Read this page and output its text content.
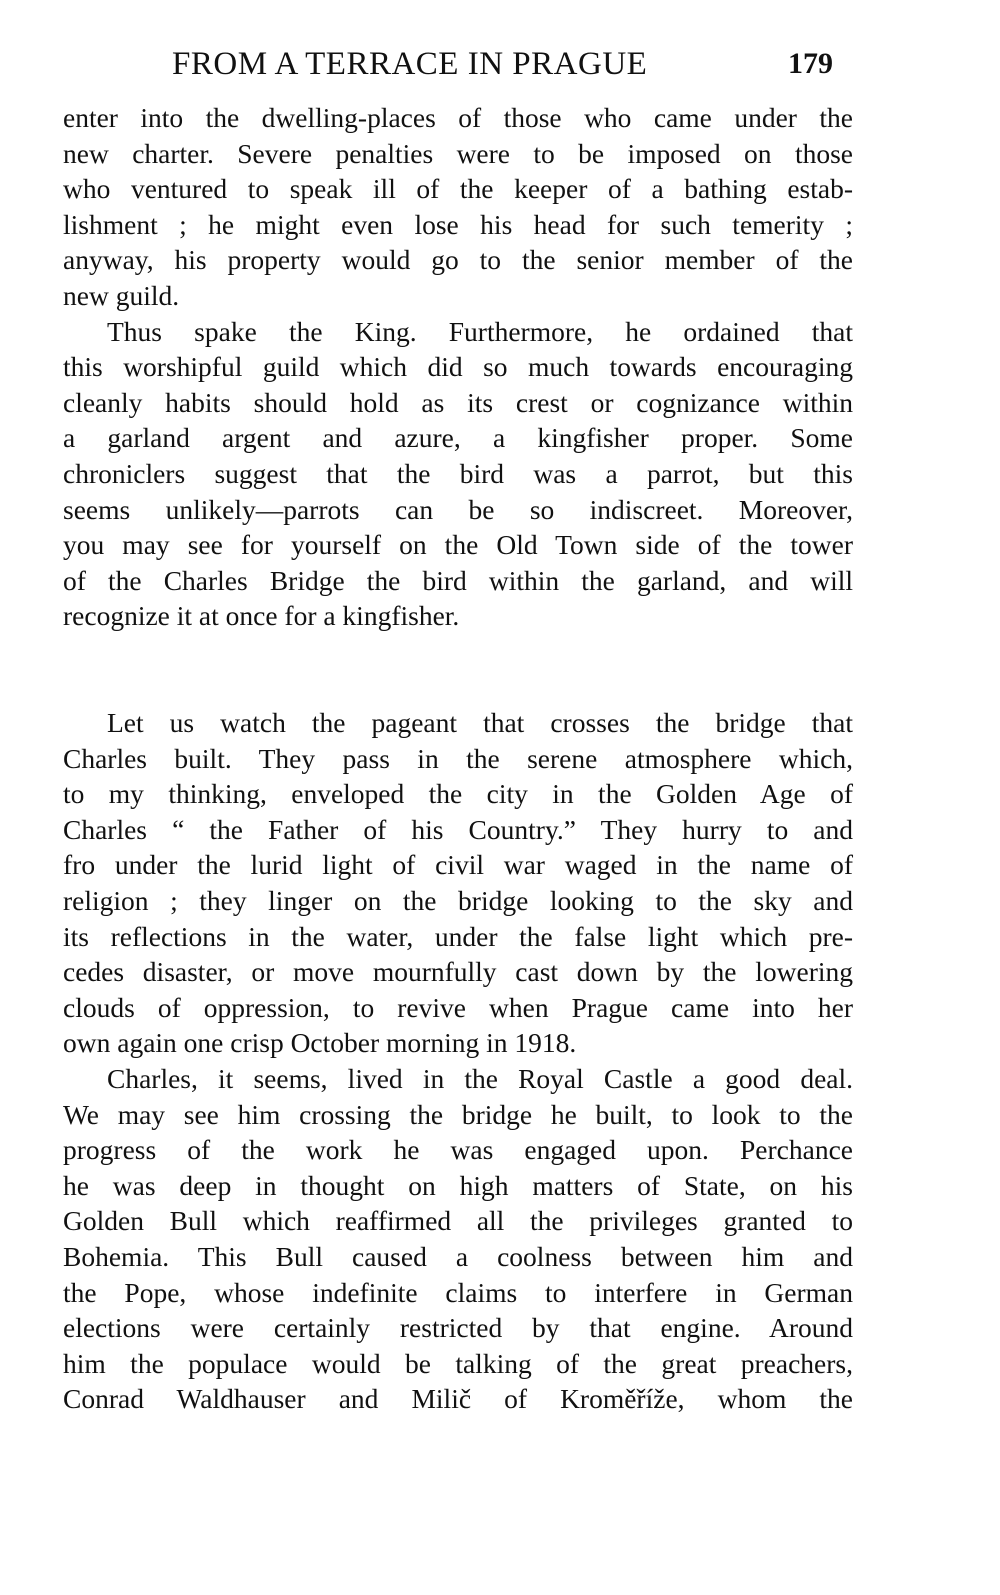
FROM A TERRACE IN PRAGUE	179
enter into the dwelling-places of those who came under the
new charter. Severe penalties were to be imposed on those
who ventured to speak ill of the keeper of a bathing estab-
lishment ; he might even lose his head for such temerity ;
anyway, his property would go to the senior member of the
new guild.
Thus spake the King. Furthermore, he ordained that
this worshipful guild which did so much towards encouraging
cleanly habits should hold as its crest or cognizance within
a garland argent and azure, a kingfisher proper. Some
chroniclers suggest that the bird was a parrot, but this
seems unlikely—parrots can be so indiscreet. Moreover,
you may see for yourself on the Old Town side of the tower
of the Charles Bridge the bird within the garland, and will
recognize it at once for a kingfisher.
Let us watch the pageant that crosses the bridge that
Charles built. They pass in the serene atmosphere which,
to my thinking, enveloped the city in the Golden Age of
Charles “ the Father of his Country.” They hurry to and
fro under the lurid light of civil war waged in the name of
religion ; they linger on the bridge looking to the sky and
its reflections in the water, under the false light which pre-
cedes disaster, or move mournfully cast down by the lowering
clouds of oppression, to revive when Prague came into her
own again one crisp October morning in 1918.
Charles, it seems, lived in the Royal Castle a good deal.
We may see him crossing the bridge he built, to look to the
progress of the work he was engaged upon. Perchance
he was deep in thought on high matters of State, on his
Golden Bull which reaffirmed all the privileges granted to
Bohemia. This Bull caused a coolness between him and
the Pope, whose indefinite claims to interfere in German
elections were certainly restricted by that engine. Around
him the populace would be talking of the great preachers,
Conrad Waldhauser and Milič of Kroměříže, whom the
